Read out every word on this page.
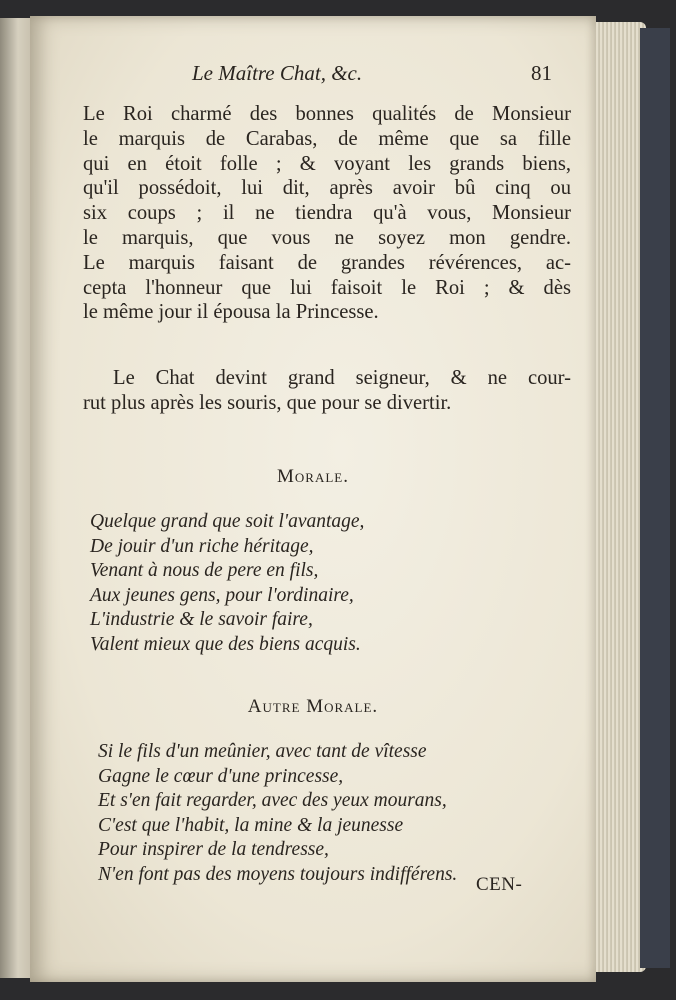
Le Maître Chat, &c.	81
Le Roi charmé des bonnes qualités de Monsieur
le marquis de Carabas, de même que sa fille
qui en étoit folle ; & voyant les grands biens,
qu'il possédoit, lui dit, après avoir bû cinq ou
six coups ; il ne tiendra qu'à vous, Monsieur
le marquis, que vous ne soyez mon gendre.
Le marquis faisant de grandes révérences, ac-
cepta l'honneur que lui faisoit le Roi ; & dès
le même jour il épousa la Princesse.
Le Chat devint grand seigneur, & ne cour-
rut plus après les souris, que pour se divertir.
Morale.
Quelque grand que soit l'avantage,
De jouir d'un riche héritage,
Venant à nous de pere en fils,
Aux jeunes gens, pour l'ordinaire,
L'industrie & le savoir faire,
Valent mieux que des biens acquis.
Autre Morale.
Si le fils d'un meûnier, avec tant de vîtesse
Gagne le cœur d'une princesse,
Et s'en fait regarder, avec des yeux mourans,
C'est que l'habit, la mine & la jeunesse
Pour inspirer de la tendresse,
N'en font pas des moyens toujours indifférens. CEN-
